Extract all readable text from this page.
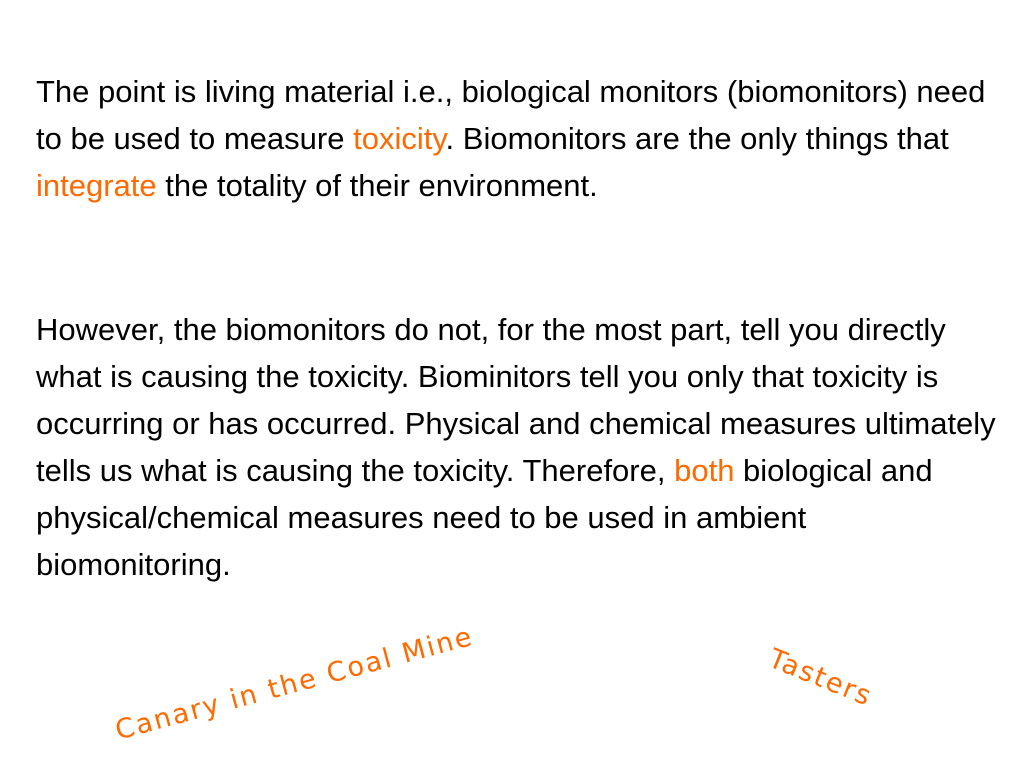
The point is living material i.e., biological monitors (biomonitors) need to be used to measure toxicity. Biomonitors are the only things that integrate the totality of their environment.

However, the biomonitors do not, for the most part, tell you directly what is causing the toxicity. Biominitors tell you only that toxicity is occurring or has occurred. Physical and chemical measures ultimately tells us what is causing the toxicity. Therefore, both biological and physical/chemical measures need to be used in ambient biomonitoring.

Canary in the Coal Mine	Tasters
